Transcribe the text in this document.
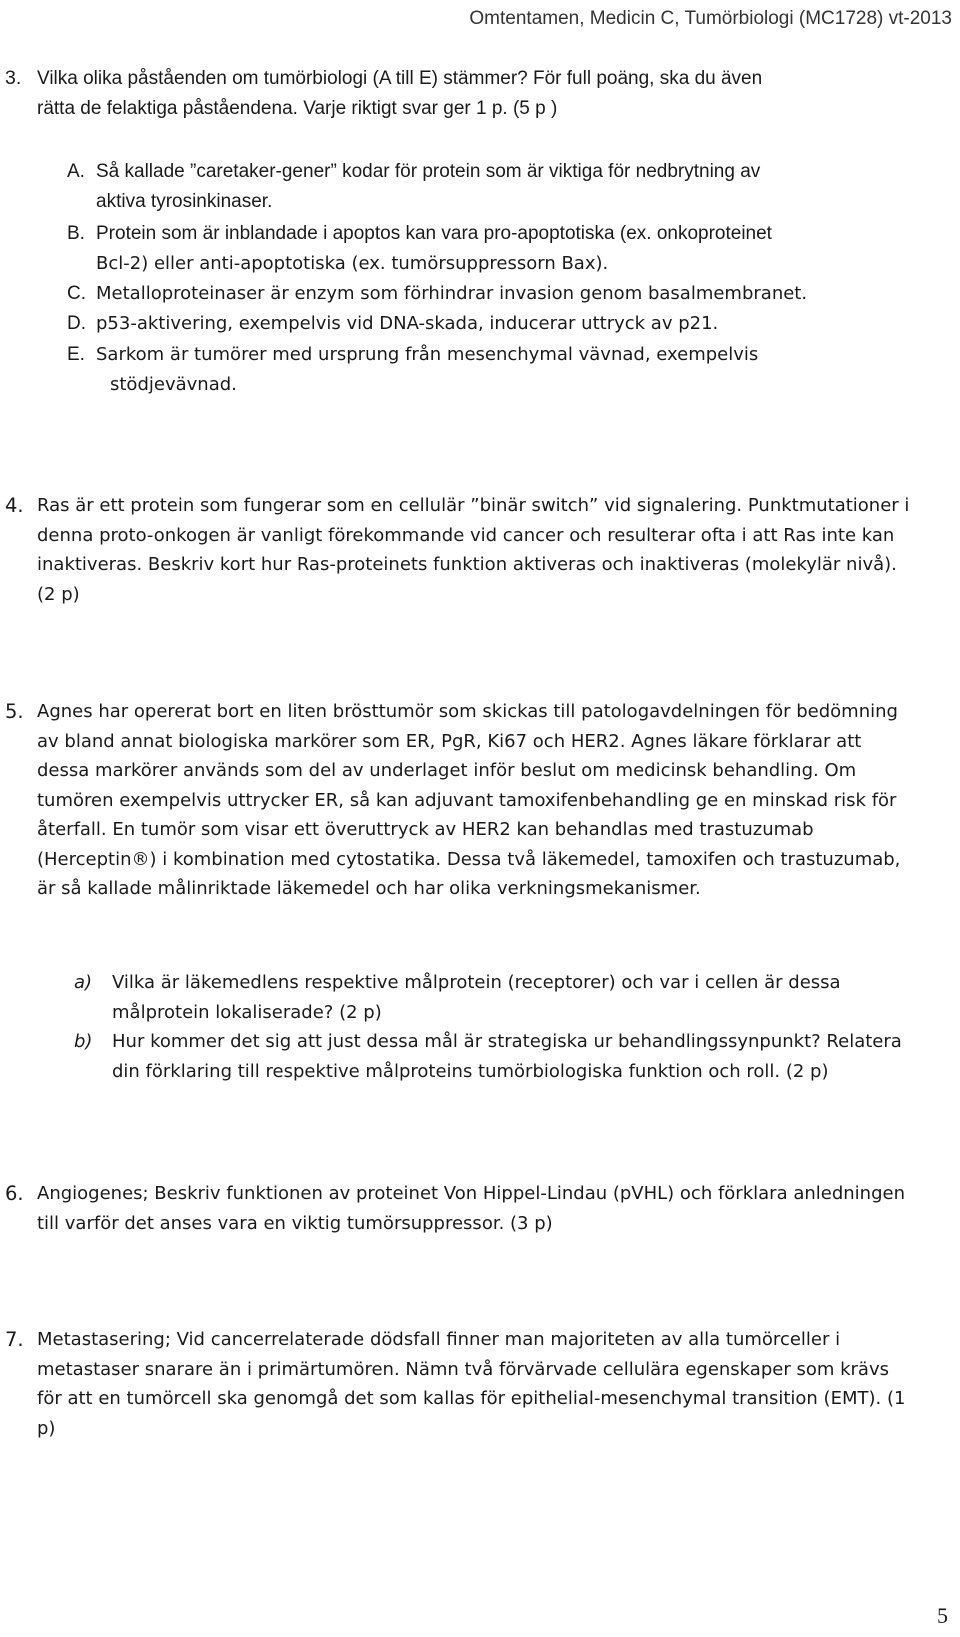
Omtentamen, Medicin C, Tumörbiologi (MC1728) vt-2013
3. Vilka olika påståenden om tumörbiologi (A till E) stämmer? För full poäng, ska du även
rätta de felaktiga påståendena. Varje riktigt svar ger 1 p. (5 p )
A. Så kallade ”caretaker-gener” kodar för protein som är viktiga för nedbrytning av
aktiva tyrosinkinaser.
B. Protein som är inblandade i apoptos kan vara pro-apoptotiska (ex. onkoproteinet
Bcl-2) eller anti-apoptotiska (ex. tumörsuppressorn Bax).
C. Metalloproteinaser är enzym som förhindrar invasion genom basalmembranet.
D. p53-aktivering, exempelvis vid DNA-skada, inducerar uttryck av p21.
E. Sarkom är tumörer med ursprung från mesenchymal vävnad, exempelvis
stödjevävnad.
4. Ras är ett protein som fungerar som en cellulär ”binär switch” vid signalering. Punktmutationer i denna proto-onkogen är vanligt förekommande vid cancer och resulterar ofta i att Ras inte kan inaktiveras. Beskriv kort hur Ras-proteinets funktion aktiveras och inaktiveras (molekylär nivå). (2 p)
5. Agnes har opererat bort en liten brösttumör som skickas till patologavdelningen för bedömning av bland annat biologiska markörer som ER, PgR, Ki67 och HER2. Agnes läkare förklarar att dessa markörer används som del av underlaget inför beslut om medicinsk behandling. Om tumören exempelvis uttrycker ER, så kan adjuvant tamoxifenbehandling ge en minskad risk för återfall. En tumör som visar ett överuttryck av HER2 kan behandlas med trastuzumab (Herceptin®) i kombination med cytostatika. Dessa två läkemedel, tamoxifen och trastuzumab, är så kallade målinriktade läkemedel och har olika verkningsmekanismer.
a) Vilka är läkemedlens respektive målprotein (receptorer) och var i cellen är dessa målprotein lokaliserade? (2 p)
b) Hur kommer det sig att just dessa mål är strategiska ur behandlingssynpunkt? Relatera din förklaring till respektive målproteins tumörbiologiska funktion och roll. (2 p)
6. Angiogenes; Beskriv funktionen av proteinet Von Hippel-Lindau (pVHL) och förklara anledningen till varför det anses vara en viktig tumörsuppressor. (3 p)
7. Metastasering; Vid cancerrelaterade dödsfall finner man majoriteten av alla tumörceller i metastaser snarare än i primärtumören. Nämn två förvärvade cellulära egenskaper som krävs för att en tumörcell ska genomgå det som kallas för epithelial-mesenchymal transition (EMT). (1 p)
5
